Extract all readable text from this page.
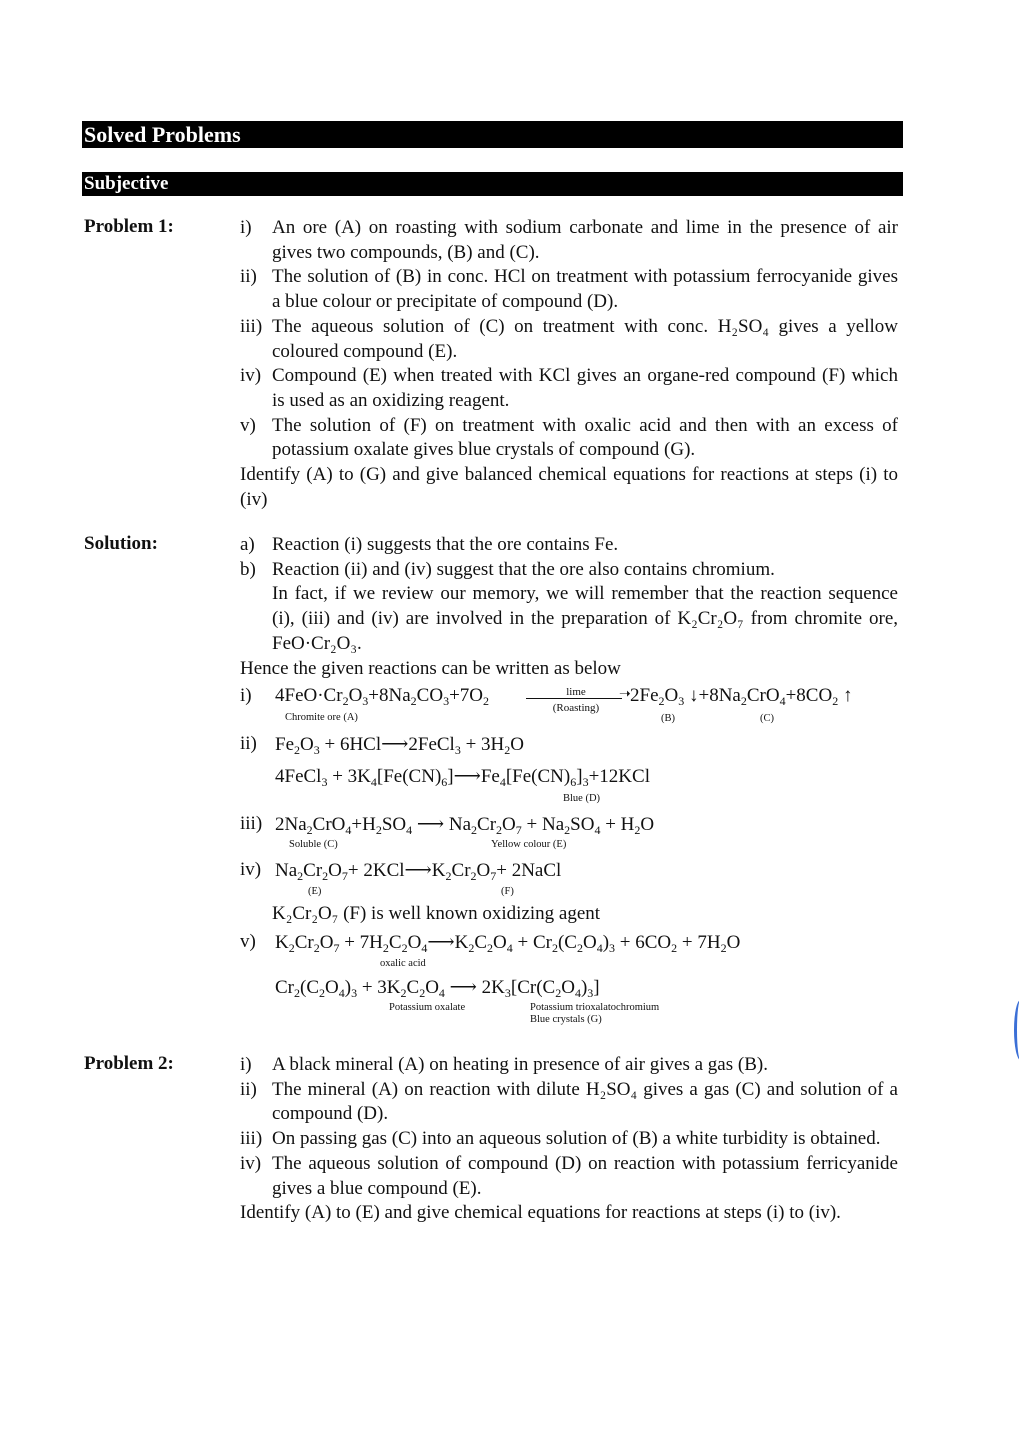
Solved Problems
Subjective
Problem 1:	i) An ore (A) on roasting with sodium carbonate and lime in the presence of air gives two compounds, (B) and (C).
ii) The solution of (B) in conc. HCl on treatment with potassium ferrocyanide gives a blue colour or precipitate of compound (D).
iii) The aqueous solution of (C) on treatment with conc. H₂SO₄ gives a yellow coloured compound (E).
iv) Compound (E) when treated with KCl gives an organe-red compound (F) which is used as an oxidizing reagent.
v) The solution of (F) on treatment with oxalic acid and then with an excess of potassium oxalate gives blue crystals of compound (G).
Identify (A) to (G) and give balanced chemical equations for reactions at steps (i) to (iv)
Solution:	a) Reaction (i) suggests that the ore contains Fe.
b) Reaction (ii) and (iv) suggest that the ore also contains chromium.
In fact, if we review our memory, we will remember that the reaction sequence (i), (iii) and (iv) are involved in the preparation of K₂Cr₂O₇ from chromite ore, FeO·Cr₂O₃.
Hence the given reactions can be written as below
i) $4FeO\cdot Cr_2O_3+8Na_2CO_3+7O_2$
lime	➝
(Roasting)
$2Fe_2O_3$ $↓+8Na_2CrO_4+8CO_2$ ↑
Chromite ore (A)	(B)	(C)
ii) $Fe_2O_3$ + 6HCl⟶2FeCl$_3$ + $3H_2O$
4FeCl$_3$ + $3K_4[Fe(CN)_6]⟶Fe_4[Fe(CN)_6]_3+12KCl$
Blue (D)
iii) $2Na_2CrO_4+H_2SO_4$ ⟶ $Na_2Cr_2O_7 + Na_2SO_4 + H_2O$
Soluble (C)	Yellow colour (E)
iv) $Na_2Cr_2O_7+$ $2KCl⟶K_2Cr_2O_7+$ 2NaCl
(E)	(F)
K₂Cr₂O₇ (F) is well known oxidizing agent
v) $K_2Cr_2O_7$ + $7H_2C_2O_4⟶K_2C_2O_4 + Cr_2(C_2O_4)_3 + 6CO_2 + 7H_2O$
oxalic acid
$Cr_2(C_2O_4)_3 + 3K_2C_2O_4$ ⟶ $2K_3[Cr(C_2O_4)_3]$
Potassium oxalate	Potassium trioxalatochromium
Blue crystals (G)
Problem 2:	i) A black mineral (A) on heating in presence of air gives a gas (B).
ii) The mineral (A) on reaction with dilute H₂SO₄ gives a gas (C) and solution of a compound (D).
iii) On passing gas (C) into an aqueous solution of (B) a white turbidity is obtained.
iv) The aqueous solution of compound (D) on reaction with potassium ferricyanide gives a blue compound (E).
Identify (A) to (E) and give chemical equations for reactions at steps (i) to (iv).
